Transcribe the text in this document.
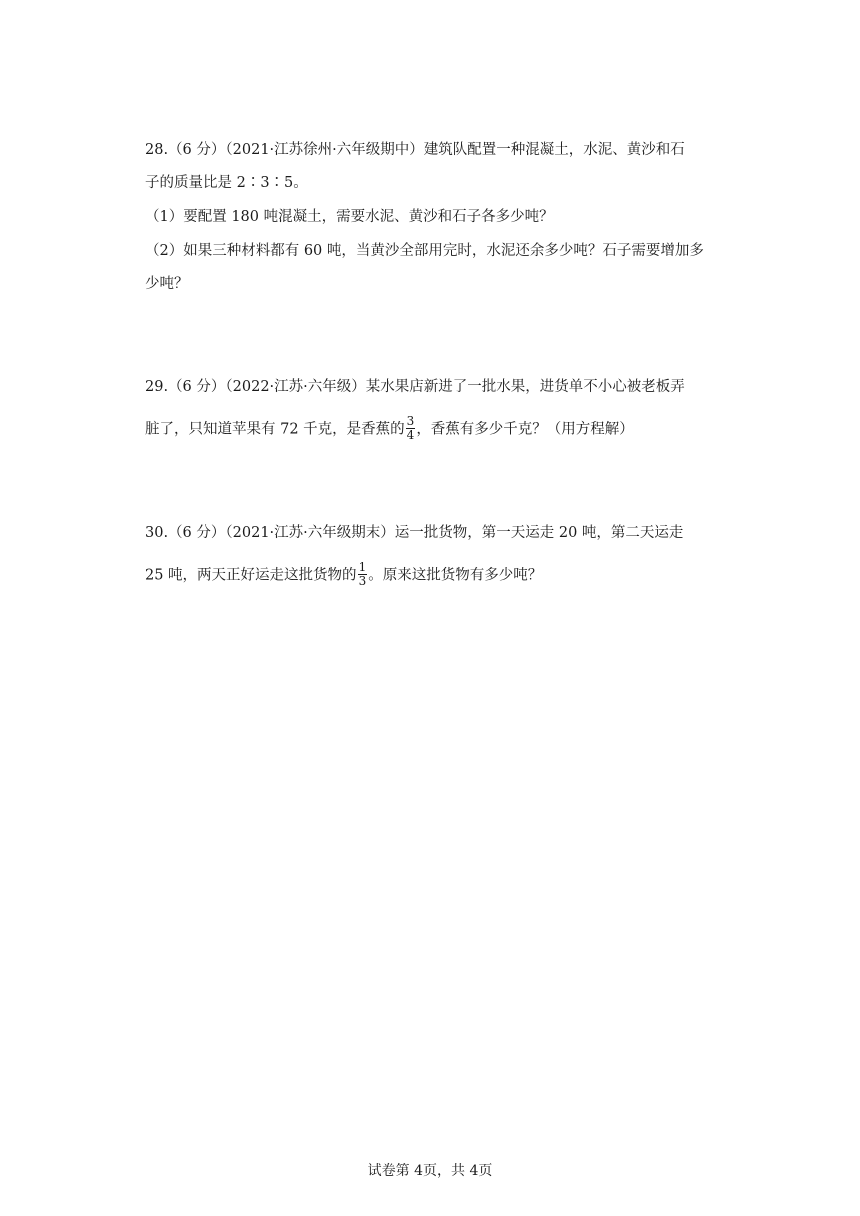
28.（6 分）（2021·江苏徐州·六年级期中）建筑队配置一种混凝土，水泥、黄沙和石
子的质量比是 2∶3∶5。
（1）要配置 180 吨混凝土，需要水泥、黄沙和石子各多少吨？
（2）如果三种材料都有 60 吨，当黄沙全部用完时，水泥还余多少吨？石子需要增加多
少吨？
29.（6 分）（2022·江苏·六年级）某水果店新进了一批水果，进货单不小心被老板弄
脏了，只知道苹果有 72 千克，是香蕉的 $\frac{3}{4}$ ，香蕉有多少千克？（用方程解）
30.（6 分）（2021·江苏·六年级期末）运一批货物，第一天运走 20 吨，第二天运走
25 吨，两天正好运走这批货物的 $\frac{1}{3}$ 。原来这批货物有多少吨？
试卷第 4页，共 4页
